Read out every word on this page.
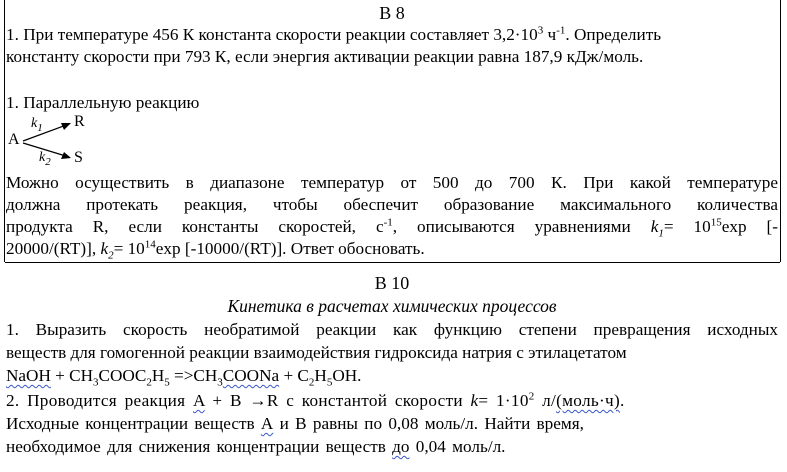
В 8
1. При температуре 456 К константа скорости реакции составляет $3,2\cdot 10^3$ $ч^{-1}$. Определить
константу скорости при 793 К, если энергия активации реакции равна 187,9 кДж/моль.
1. Параллельную реакцию
A
$k_1$ R
$k_2$ S
Можно осуществить в диапазоне температур от 500 до 700 К. При какой температуре
должна протекать реакция, чтобы обеспечит образование максимального количества
продукта R, если константы скоростей, $с^{-1}$, описываются уравнениями $k_1= 10^{15}\exp$ [-
20000/(RT)], $k_2= 10^{14}\exp$ [-10000/(RT)]. Ответ обосновать.
В 10
Кинетика в расчетах химических процессов
1. Выразить скорость необратимой реакции как функцию степени превращения исходных
веществ для гомогенной реакции взаимодействия гидроксида натрия с этилацетатом
NaOH + $CH_3COOC_2H_5$ $=>CH_3COONa + C_2H_5OH$.
2. Проводится реакция A + B →R с константой скорости $k= 1\cdot 10^2$ л/(моль·ч).
Исходные концентрации веществ А и B равны по 0,08 моль/л. Найти время,
необходимое для снижения концентрации веществ до 0,04 моль/л.
